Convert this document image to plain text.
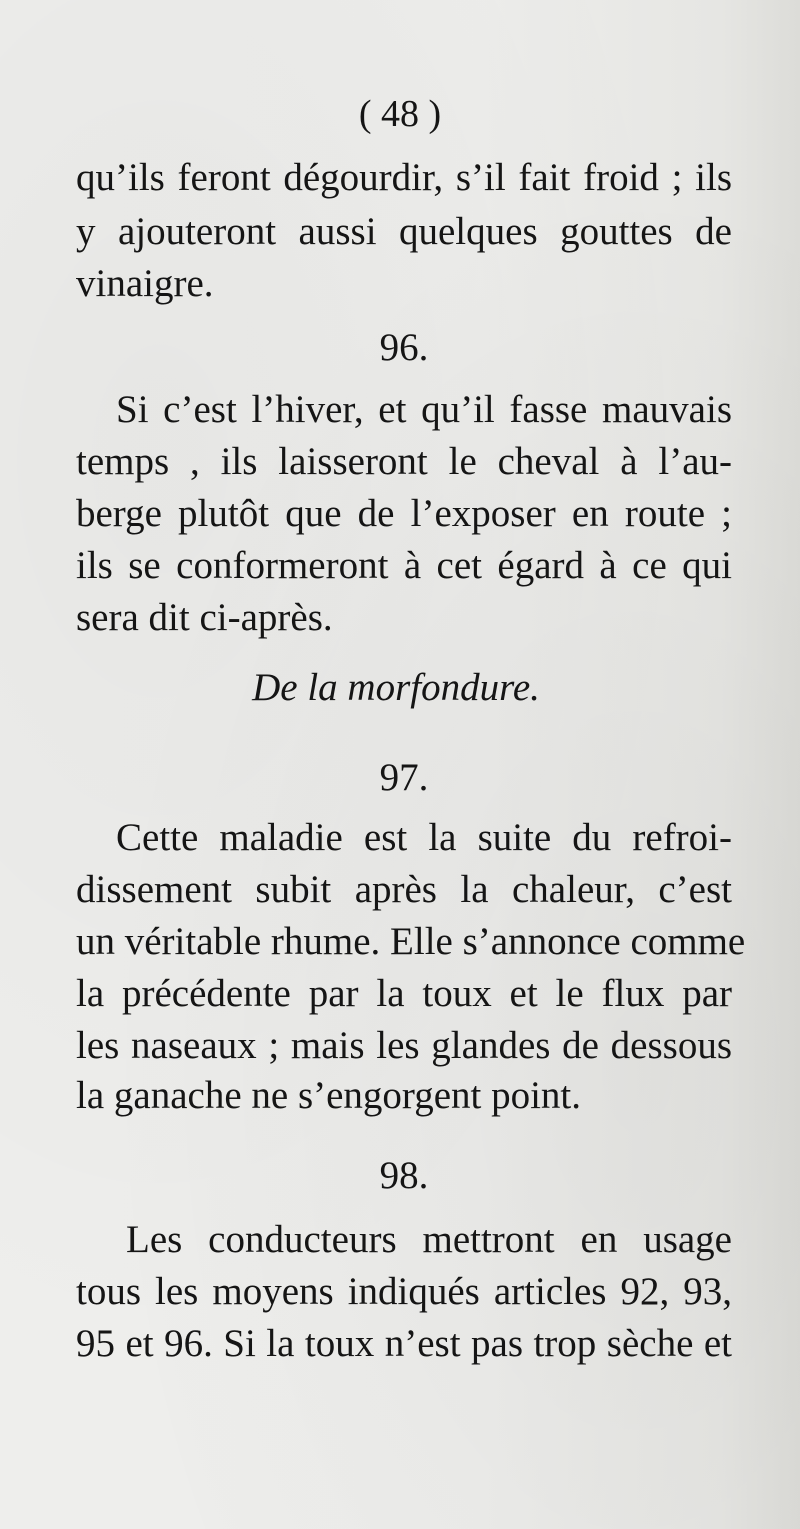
( 48 )
qu’ils feront dégourdir, s’il fait froid ; ils
y ajouteront aussi quelques gouttes de
vinaigre.
96.
Si c’est l’hiver, et qu’il fasse mauvais
temps , ils laisseront le cheval à l’au-
berge plutôt que de l’exposer en route ;
ils se conformeront à cet égard à ce qui
sera dit ci-après.
De la morfondure.
97.
Cette maladie est la suite du refroi-
dissement subit après la chaleur, c’est
un véritable rhume. Elle s’annonce comme
la précédente par la toux et le flux par
les naseaux ; mais les glandes de dessous
la ganache ne s’engorgent point.
98.
Les conducteurs mettront en usage
tous les moyens indiqués articles 92, 93,
95 et 96. Si la toux n’est pas trop sèche et
